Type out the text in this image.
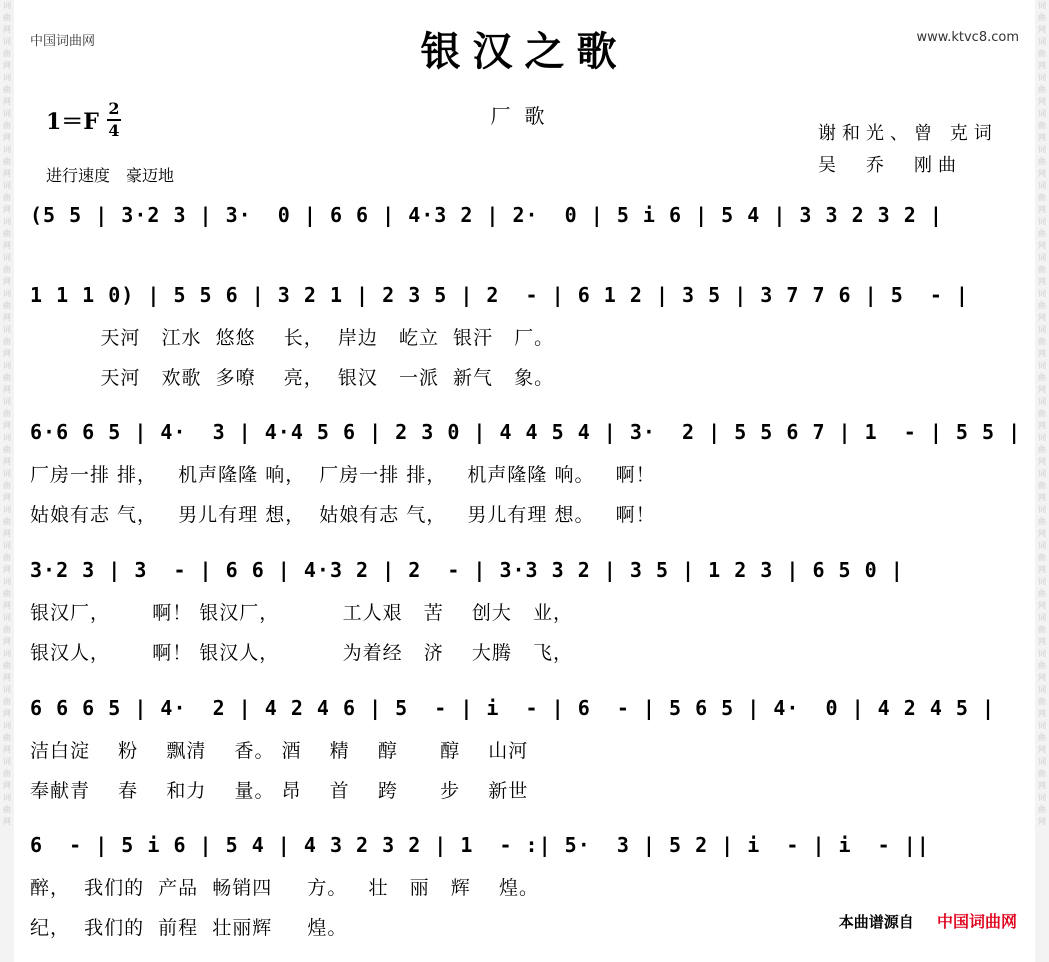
词曲网词曲网词曲网词曲网词曲网词曲网词曲网词曲网词曲网词曲网词曲网词曲网词曲网词曲网词曲网词曲网词曲网词曲网词曲网词曲网词曲网词曲网词曲网
词曲网词曲网词曲网词曲网词曲网词曲网词曲网词曲网词曲网词曲网词曲网词曲网词曲网词曲网词曲网词曲网词曲网词曲网词曲网词曲网词曲网词曲网词曲网
中国词曲网	www.ktvc8.com
银汉之歌
厂歌
1＝F 2
4
进行速度　豪迈地
谢和光、曾 克词
吴　乔　刚曲
(5 5 | 3·2 3 | 3·  0 | 6 6 | 4·3 2 | 2·  0 | 5 i 6 | 5 4 | 3 3 2 3 2 |
1 1 1 0) | 5 5 6 | 3 2 1 | 2 3 5 | 2  - | 6 1 2 | 3 5 | 3 7 7 6 | 5  - |
天河   江水  悠悠    长，  岸边   屹立  银汗   厂。
天河   欢歌  多嘹    亮，  银汉   一派  新气   象。
6·6 6 5 | 4·  3 | 4·4 5 6 | 2 3 0 | 4 4 5 4 | 3·  2 | 5 5 6 7 | 1  - | 5 5 |
厂房一排 排，   机声隆隆 响，  厂房一排 排，   机声隆隆 响。   啊！
姑娘有志 气，   男儿有理 想，  姑娘有志 气，   男儿有理 想。   啊！
3·2 3 | 3  - | 6 6 | 4·3 2 | 2  - | 3·3 3 2 | 3 5 | 1 2 3 | 6 5 0 |
银汉厂，      啊！ 银汉厂，         工人艰   苦    创大   业，
银汉人，      啊！ 银汉人，         为着经   济    大腾   飞，
6 6 6 5 | 4·  2 | 4 2 4 6 | 5  - | i  - | 6  - | 5 6 5 | 4·  0 | 4 2 4 5 |
洁白淀    粉    飘清    香。 酒    精    醇      醇    山河
奉献青    春    和力    量。 昂    首    跨      步    新世
6  - | 5 i 6 | 5 4 | 4 3 2 3 2 | 1  - :| 5·  3 | 5 2 | i  - | i  - ||
醉，  我们的  产品  畅销四     方。   壮   丽   辉    煌。
纪，  我们的  前程  壮丽辉     煌。	本曲谱源自 中国词曲网
